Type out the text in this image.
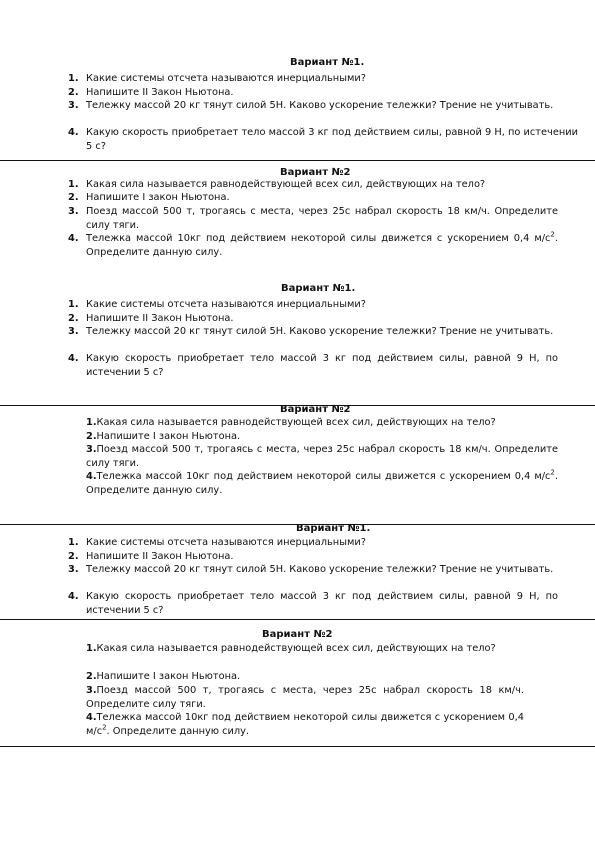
Вариант №1.
1. Какие системы отсчета называются инерциальными?
2. Напишите II Закон Ньютона.
3. Тележку массой 20 кг тянут силой 5Н. Каково ускорение тележки? Трение не учитывать.
4. Какую скорость приобретает тело массой 3 кг под действием силы, равной 9 Н, по истечении 5 с?
Вариант №2
1. Какая сила называется равнодействующей всех сил, действующих на тело?
2. Напишите I закон Ньютона.
3. Поезд массой 500 т, трогаясь с места, через 25с набрал скорость 18 км/ч. Определите силу тяги.
4. Тележка массой 10кг под действием некоторой силы движется с ускорением 0,4 $м/с^2$. Определите данную силу.
Вариант №1.
1. Какие системы отсчета называются инерциальными?
2. Напишите II Закон Ньютона.
3. Тележку массой 20 кг тянут силой 5Н. Каково ускорение тележки? Трение не учитывать.
4. Какую скорость приобретает тело массой 3 кг под действием силы, равной 9 Н, по истечении 5 с?
Вариант №2
1.Какая сила называется равнодействующей всех сил, действующих на тело?
2.Напишите I закон Ньютона.
3.Поезд массой 500 т, трогаясь с места, через 25с набрал скорость 18 км/ч. Определите силу тяги.
4.Тележка массой 10кг под действием некоторой силы движется с ускорением 0,4 $м/с^2$. Определите данную силу.
Вариант №1.
1. Какие системы отсчета называются инерциальными?
2. Напишите II Закон Ньютона.
3. Тележку массой 20 кг тянут силой 5Н. Каково ускорение тележки? Трение не учитывать.
4. Какую скорость приобретает тело массой 3 кг под действием силы, равной 9 Н, по истечении 5 с?
Вариант №2
1.Какая сила называется равнодействующей всех сил, действующих на тело?
2.Напишите I закон Ньютона.
3.Поезд массой 500 т, трогаясь с места, через 25с набрал скорость 18 км/ч. Определите силу тяги.
4.Тележка массой 10кг под действием некоторой силы движется с ускорением 0,4 $м/с^2$. Определите данную силу.
